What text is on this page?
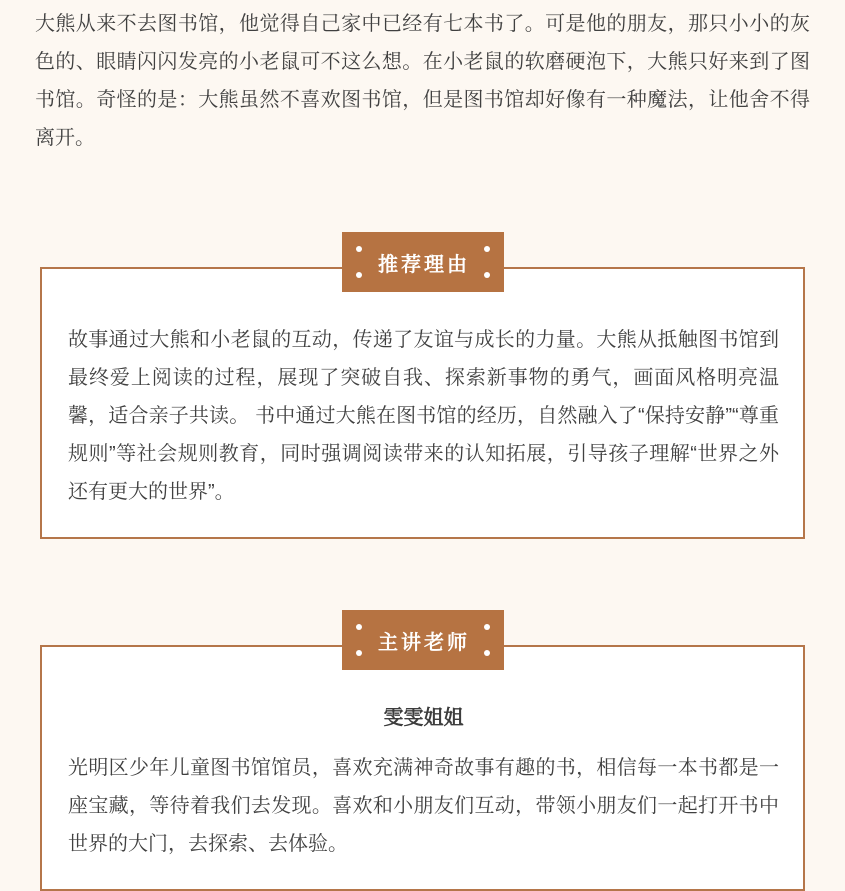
大熊从来不去图书馆，他觉得自己家中已经有七本书了。可是他的朋友，那只小小的灰色的、眼睛闪闪发亮的小老鼠可不这么想。在小老鼠的软磨硬泡下，大熊只好来到了图书馆。奇怪的是：大熊虽然不喜欢图书馆，但是图书馆却好像有一种魔法，让他舍不得离开。

推荐理由

故事通过大熊和小老鼠的互动，传递了友谊与成长的力量。大熊从抵触图书馆到最终爱上阅读的过程，展现了突破自我、探索新事物的勇气，画面风格明亮温馨，适合亲子共读。 书中通过大熊在图书馆的经历，自然融入了“保持安静”“尊重规则”等社会规则教育，同时强调阅读带来的认知拓展，引导孩子理解“世界之外还有更大的世界”。

主讲老师
雯雯姐姐

光明区少年儿童图书馆馆员，喜欢充满神奇故事有趣的书，相信每一本书都是一座宝藏，等待着我们去发现。喜欢和小朋友们互动，带领小朋友们一起打开书中世界的大门，去探索、去体验。
